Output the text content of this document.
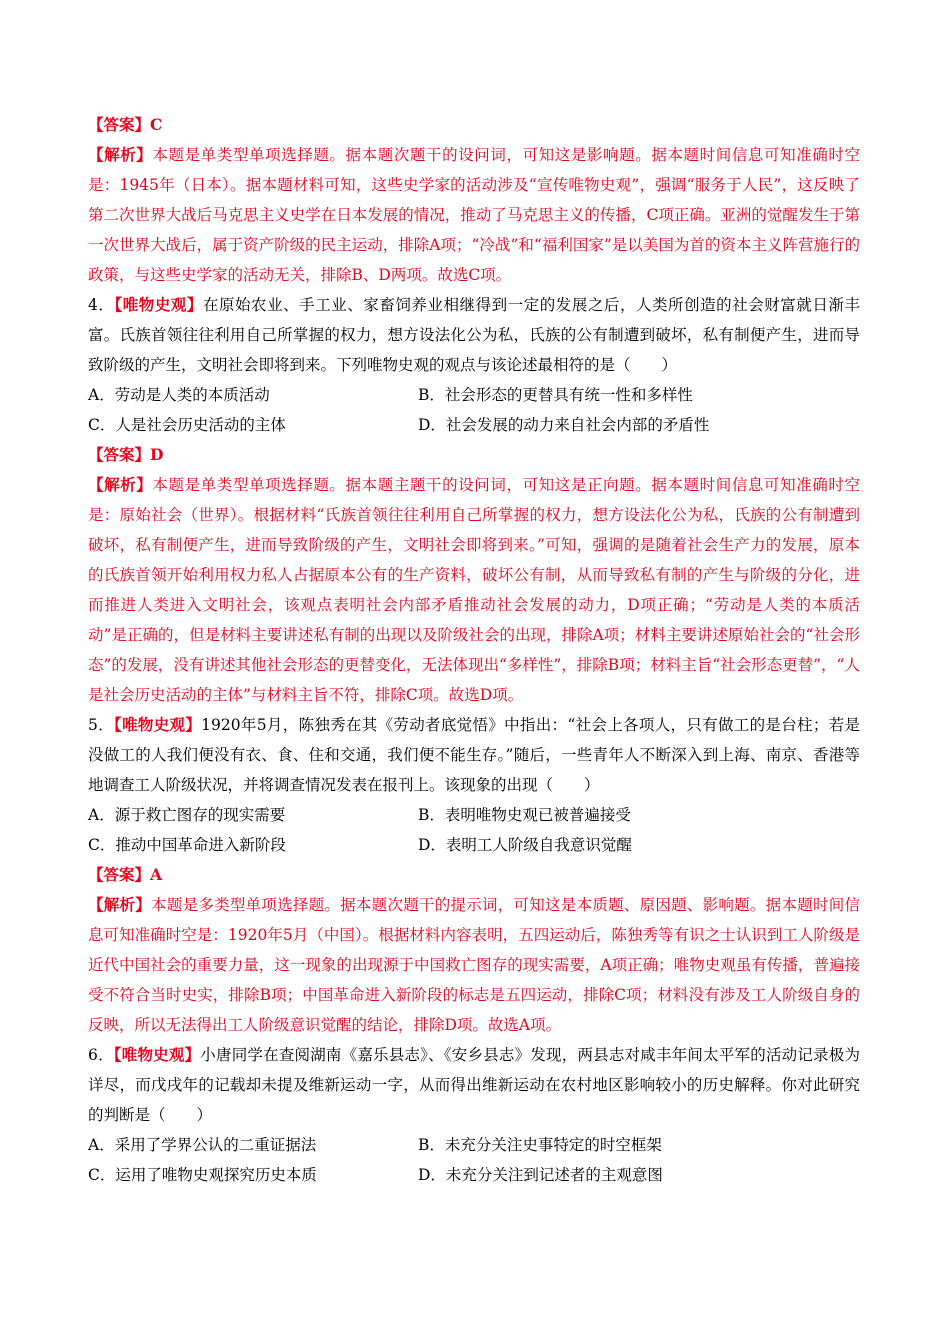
【答案】C
【解析】本题是单类型单项选择题。据本题次题干的设问词，可知这是影响题。据本题时间信息可知准确时空是：1945年（日本）。据本题材料可知，这些史学家的活动涉及“宣传唯物史观”，强调“服务于人民”，这反映了第二次世界大战后马克思主义史学在日本发展的情况，推动了马克思主义的传播，C项正确。亚洲的觉醒发生于第一次世界大战后，属于资产阶级的民主运动，排除A项；“冷战”和“福利国家”是以美国为首的资本主义阵营施行的政策，与这些史学家的活动无关，排除B、D两项。故选C项。
4．【唯物史观】在原始农业、手工业、家畜饲养业相继得到一定的发展之后，人类所创造的社会财富就日渐丰富。氏族首领往往利用自己所掌握的权力，想方设法化公为私，氏族的公有制遭到破坏，私有制便产生，进而导致阶级的产生，文明社会即将到来。下列唯物史观的观点与该论述最相符的是（　　）
A．劳动是人类的本质活动	B．社会形态的更替具有统一性和多样性
C．人是社会历史活动的主体	D．社会发展的动力来自社会内部的矛盾性
【答案】D
【解析】本题是单类型单项选择题。据本题主题干的设问词，可知这是正向题。据本题时间信息可知准确时空是：原始社会（世界）。根据材料“氏族首领往往利用自己所掌握的权力，想方设法化公为私，氏族的公有制遭到破坏，私有制便产生，进而导致阶级的产生，文明社会即将到来。”可知，强调的是随着社会生产力的发展，原本的氏族首领开始利用权力私人占据原本公有的生产资料，破坏公有制，从而导致私有制的产生与阶级的分化，进而推进人类进入文明社会，该观点表明社会内部矛盾推动社会发展的动力，D项正确；“劳动是人类的本质活动”是正确的，但是材料主要讲述私有制的出现以及阶级社会的出现，排除A项；材料主要讲述原始社会的“社会形态”的发展，没有讲述其他社会形态的更替变化，无法体现出“多样性”，排除B项；材料主旨“社会形态更替”，“人是社会历史活动的主体”与材料主旨不符，排除C项。故选D项。
5．【唯物史观】1920年5月，陈独秀在其《劳动者底觉悟》中指出：“社会上各项人，只有做工的是台柱；若是没做工的人我们便没有衣、食、住和交通，我们便不能生存。”随后，一些青年人不断深入到上海、南京、香港等地调查工人阶级状况，并将调查情况发表在报刊上。该现象的出现（　　）
A．源于救亡图存的现实需要	B．表明唯物史观已被普遍接受
C．推动中国革命进入新阶段	D．表明工人阶级自我意识觉醒
【答案】A
【解析】本题是多类型单项选择题。据本题次题干的提示词，可知这是本质题、原因题、影响题。据本题时间信息可知准确时空是：1920年5月（中国）。根据材料内容表明，五四运动后，陈独秀等有识之士认识到工人阶级是近代中国社会的重要力量，这一现象的出现源于中国救亡图存的现实需要，A项正确；唯物史观虽有传播，普遍接受不符合当时史实，排除B项；中国革命进入新阶段的标志是五四运动，排除C项；材料没有涉及工人阶级自身的反映，所以无法得出工人阶级意识觉醒的结论，排除D项。故选A项。
6．【唯物史观】小唐同学在查阅湖南《嘉乐县志》、《安乡县志》发现，两县志对咸丰年间太平军的活动记录极为详尽，而戊戌年的记载却未提及维新运动一字，从而得出维新运动在农村地区影响较小的历史解释。你对此研究的判断是（　　）
A．采用了学界公认的二重证据法	B．未充分关注史事特定的时空框架
C．运用了唯物史观探究历史本质	D．未充分关注到记述者的主观意图
